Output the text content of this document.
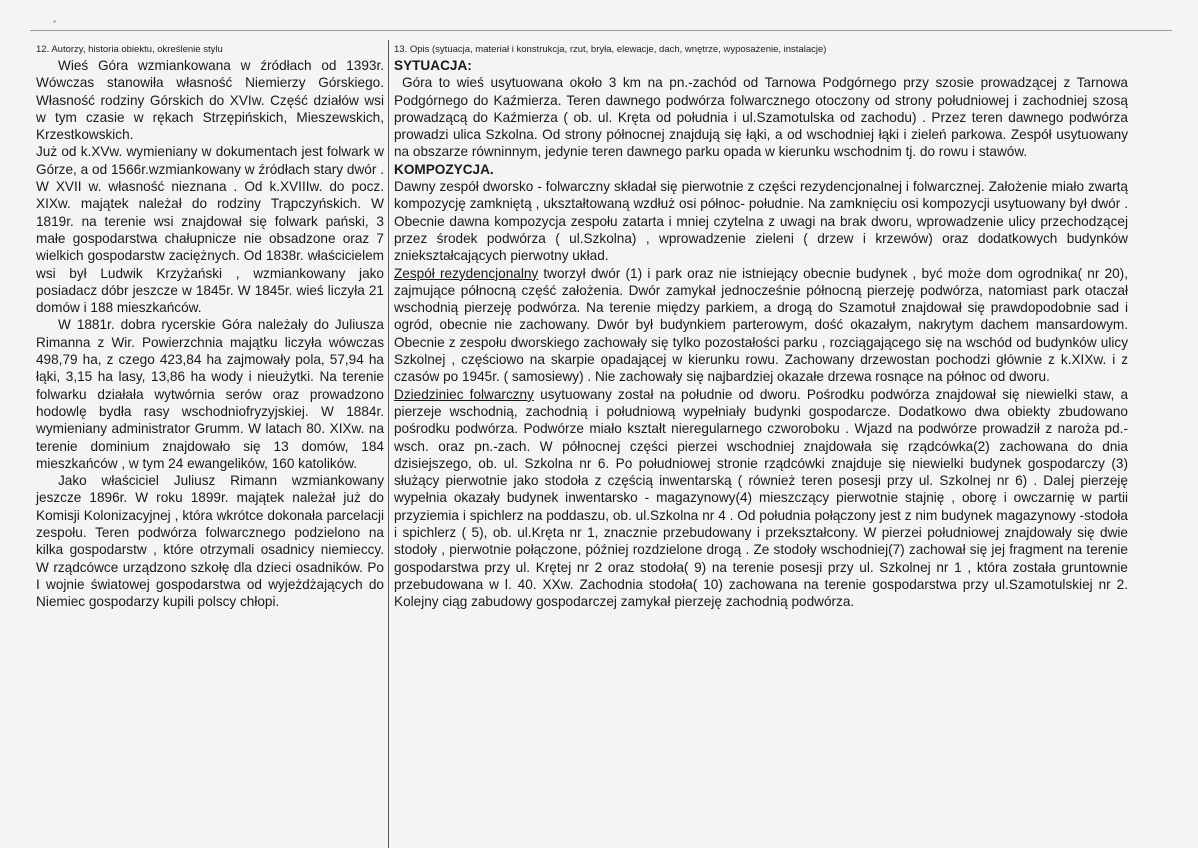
12. Autorzy, historia obiektu, określenie stylu

Wieś Góra wzmiankowana w źródłach od 1393r. Wówczas stanowiła własność Niemierzy Górskiego. Własność rodziny Górskich do XVIw. Część działów wsi w tym czasie w rękach Strzępińskich, Mieszewskich, Krzestkowskich.

Już od k.XVw. wymieniany w dokumentach jest folwark w Górze, a od 1566r.wzmiankowany w źródłach stary dwór . W XVII w. własność nieznana . Od k.XVIIIw. do pocz. XIXw. majątek należał do rodziny Trąpczyńskich. W 1819r. na terenie wsi znajdował się folwark pański, 3 małe gospodarstwa chałupnicze nie obsadzone oraz 7 wielkich gospodarstw zaciężnych. Od 1838r. właścicielem wsi był Ludwik Krzyżański , wzmiankowany jako posiadacz dóbr jeszcze w 1845r. W 1845r. wieś liczyła 21 domów i 188 mieszkańców.

W 1881r. dobra rycerskie Góra należały do Juliusza Rimanna z Wir. Powierzchnia majątku liczyła wówczas 498,79 ha, z czego 423,84 ha zajmowały pola, 57,94 ha łąki, 3,15 ha lasy, 13,86 ha wody i nieużytki. Na terenie folwarku działała wytwórnia serów oraz prowadzono hodowlę bydła rasy wschodniofryzyjskiej. W 1884r. wymieniany administrator Grumm. W latach 80. XIXw. na terenie dominium znajdowało się 13 domów, 184 mieszkańców , w tym 24 ewangelików, 160 katolików.

Jako właściciel Juliusz Rimann wzmiankowany jeszcze 1896r. W roku 1899r. majątek należał już do Komisji Kolonizacyjnej , która wkrótce dokonała parcelacji zespołu. Teren podwórza folwarcznego podzielono na kilka gospodarstw , które otrzymali osadnicy niemieccy. W rządcówce urządzono szkołę dla dzieci osadników. Po I wojnie światowej gospodarstwa od wyjeżdżających do Niemiec gospodarzy kupili polscy chłopi.

13. Opis (sytuacja, materiał i konstrukcja, rzut, bryła, elewacje, dach, wnętrze, wyposażenie, instalacje)

SYTUACJA:

Góra to wieś usytuowana około 3 km na pn.-zachód od Tarnowa Podgórnego przy szosie prowadzącej z Tarnowa Podgórnego do Kaźmierza. Teren dawnego podwórza folwarcznego otoczony od strony południowej i zachodniej szosą prowadzącą do Kaźmierza ( ob. ul. Kręta od południa i ul.Szamotulska od zachodu) . Przez teren dawnego podwórza prowadzi ulica Szkolna. Od strony północnej znajdują się łąki, a od wschodniej łąki i zieleń parkowa. Zespół usytuowany na obszarze równinnym, jedynie teren dawnego parku opada w kierunku wschodnim tj. do rowu i stawów.

KOMPOZYCJA.

Dawny zespół dworsko - folwarczny składał się pierwotnie z części rezydencjonalnej i folwarcznej. Założenie miało zwartą kompozycję zamkniętą , ukształtowaną wzdłuż osi północ- południe. Na zamknięciu osi kompozycji usytuowany był dwór . Obecnie dawna kompozycja zespołu zatarta i mniej czytelna z uwagi na brak dworu, wprowadzenie ulicy przechodzącej przez środek podwórza ( ul.Szkolna) , wprowadzenie zieleni ( drzew i krzewów) oraz dodatkowych budynków zniekształcających pierwotny układ.

Zespół rezydencjonalny tworzył dwór (1) i park oraz nie istniejący obecnie budynek , być może dom ogrodnika( nr 20), zajmujące północną część założenia. Dwór zamykał jednocześnie północną pierzeję podwórza, natomiast park otaczał wschodnią pierzeję podwórza. Na terenie między parkiem, a drogą do Szamotuł znajdował się prawdopodobnie sad i ogród, obecnie nie zachowany. Dwór był budynkiem parterowym, dość okazałym, nakrytym dachem mansardowym. Obecnie z zespołu dworskiego zachowały się tylko pozostałości parku , rozciągającego się na wschód od budynków ulicy Szkolnej , częściowo na skarpie opadającej w kierunku rowu. Zachowany drzewostan pochodzi głównie z k.XIXw. i z czasów po 1945r. ( samosiewy) . Nie zachowały się najbardziej okazałe drzewa rosnące na północ od dworu.

Dziedziniec folwarczny usytuowany został na południe od dworu. Pośrodku podwórza znajdował się niewielki staw, a pierzeje wschodnią, zachodnią i południową wypełniały budynki gospodarcze. Dodatkowo dwa obiekty zbudowano pośrodku podwórza. Podwórze miało kształt nieregularnego czworoboku . Wjazd na podwórze prowadził z naroża pd.-wsch. oraz pn.-zach. W północnej części pierzei wschodniej znajdowała się rządcówka(2) zachowana do dnia dzisiejszego, ob. ul. Szkolna nr 6. Po południowej stronie rządcówki znajduje się niewielki budynek gospodarczy (3) służący pierwotnie jako stodoła z częścią inwentarską ( również teren posesji przy ul. Szkolnej nr 6) . Dalej pierzeję wypełnia okazały budynek inwentarsko - magazynowy(4) mieszczący pierwotnie stajnię , oborę i owczarnię w partii przyziemia i spichlerz na poddaszu, ob. ul.Szkolna nr 4 . Od południa połączony jest z nim budynek magazynowy -stodoła i spichlerz ( 5), ob. ul.Kręta nr 1, znacznie przebudowany i przekształcony. W pierzei południowej znajdowały się dwie stodoły , pierwotnie połączone, później rozdzielone drogą . Ze stodoły wschodniej(7) zachował się jej fragment na terenie gospodarstwa przy ul. Krętej nr 2 oraz stodoła( 9) na terenie posesji przy ul. Szkolnej nr 1 , która została gruntownie przebudowana w l. 40. XXw. Zachodnia stodoła( 10) zachowana na terenie gospodarstwa przy ul.Szamotulskiej nr 2. Kolejny ciąg zabudowy gospodarczej zamykał pierzeję zachodnią podwórza.
